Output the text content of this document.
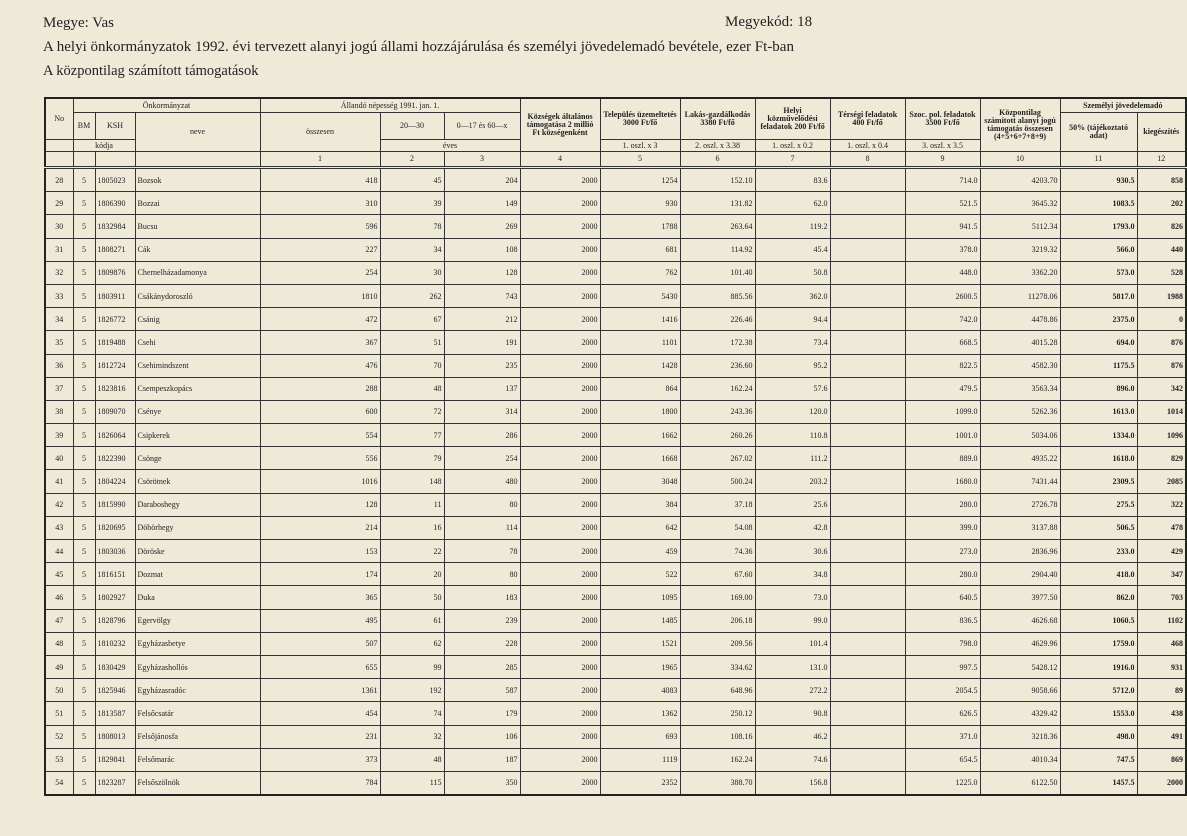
Megye: Vas	Megyekód: 18
A helyi önkormányzatok 1992. évi tervezett alanyi jogú állami hozzájárulása és személyi jövedelemadó bevétele, ezer Ft-ban
A központilag számított támogatások
No	Önkormányzat			Állandó népesség 1991. jan. 1.			Községek általános támogatása 2 millió Ft községenként	Település üzemeltetés 3000 Ft/fő	Lakás-gazdálkodás 3380 Ft/fő	Helyi közművelődési feladatok 200 Ft/fő	Térségi feladatok 400 Ft/fő	Szoc. pol. feladatok 3500 Ft/fő	Központilag számított alanyi jogú támogatás összesen (4+5+6+7+8+9)	Személyi jövedelemadó	
	BM	KSH	neve	összesen	20—30	0—17 és 60—x								50% (tájékoztató adat)	kiegészítés
	kódja				éves			1. oszl. x 3	2. oszl. x 3.38	1. oszl. x 0.2	1. oszl. x 0.4	3. oszl. x 3.5			
				1	2	3	4	5	6	7	8	9	10	11	12
28	5	1805023	Bozsok	418	45	204	2000	1254	152.10	83.6		714.0	4203.70	930.5	858
29	5	1806390	Bozzai	310	39	149	2000	930	131.82	62.0		521.5	3645.32	1083.5	202
30	5	1832984	Bucsu	596	78	269	2000	1788	263.64	119.2		941.5	5112.34	1793.0	826
31	5	1808271	Cák	227	34	108	2000	681	114.92	45.4		378.0	3219.32	566.0	440
32	5	1809876	Chernelházadamonya	254	30	128	2000	762	101.40	50.8		448.0	3362.20	573.0	528
33	5	1803911	Csákánydoroszló	1810	262	743	2000	5430	885.56	362.0		2600.5	11278.06	5817.0	1988
34	5	1826772	Csánig	472	67	212	2000	1416	226.46	94.4		742.0	4478.86	2375.0	0
35	5	1819488	Csehi	367	51	191	2000	1101	172.38	73.4		668.5	4015.28	694.0	876
36	5	1812724	Csehimindszent	476	70	235	2000	1428	236.60	95.2		822.5	4582.30	1175.5	876
37	5	1823816	Csempeszkopács	288	48	137	2000	864	162.24	57.6		479.5	3563.34	896.0	342
38	5	1809070	Csénye	600	72	314	2000	1800	243.36	120.0		1099.0	5262.36	1613.0	1014
39	5	1826064	Csipkerek	554	77	286	2000	1662	260.26	110.8		1001.0	5034.06	1334.0	1096
40	5	1822390	Csönge	556	79	254	2000	1668	267.02	111.2		889.0	4935.22	1618.0	829
41	5	1804224	Csörötnek	1016	148	480	2000	3048	500.24	203.2		1680.0	7431.44	2309.5	2085
42	5	1815990	Daraboshegy	128	11	80	2000	384	37.18	25.6		280.0	2726.78	275.5	322
43	5	1820695	Döbörhegy	214	16	114	2000	642	54.08	42.8		399.0	3137.88	506.5	478
44	5	1803036	Döröske	153	22	78	2000	459	74.36	30.6		273.0	2836.96	233.0	429
45	5	1816151	Dozmat	174	20	80	2000	522	67.60	34.8		280.0	2904.40	418.0	347
46	5	1802927	Duka	365	50	183	2000	1095	169.00	73.0		640.5	3977.50	862.0	703
47	5	1828796	Egervölgy	495	61	239	2000	1485	206.18	99.0		836.5	4626.68	1060.5	1102
48	5	1810232	Egyházasbetye	507	62	228	2000	1521	209.56	101.4		798.0	4629.96	1759.0	468
49	5	1830429	Egyházashollós	655	99	285	2000	1965	334.62	131.0		997.5	5428.12	1916.0	931
50	5	1825946	Egyházasradóc	1361	192	587	2000	4083	648.96	272.2		2054.5	9058.66	5712.0	89
51	5	1813587	Felsőcsatár	454	74	179	2000	1362	250.12	90.8		626.5	4329.42	1553.0	438
52	5	1808013	Felsőjánosfa	231	32	106	2000	693	108.16	46.2		371.0	3218.36	498.0	491
53	5	1829841	Felsőmarác	373	48	187	2000	1119	162.24	74.6		654.5	4010.34	747.5	869
54	5	1823287	Felsőszölnök	784	115	350	2000	2352	388.70	156.8		1225.0	6122.50	1457.5	2000
